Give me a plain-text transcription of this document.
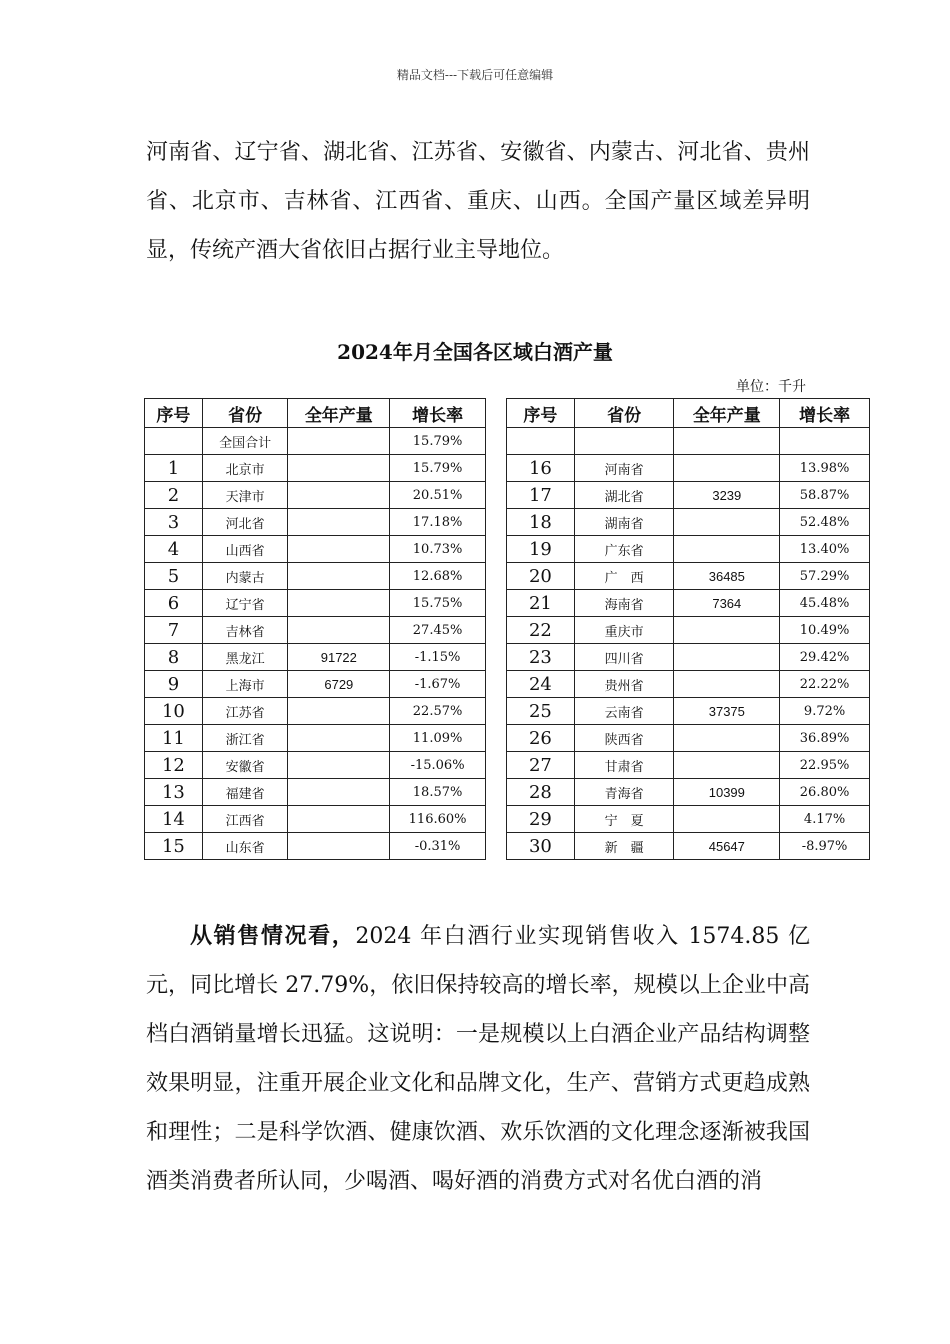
精品文档---下载后可任意编辑
河南省、辽宁省、湖北省、江苏省、安徽省、内蒙古、河北省、贵州省、北京市、吉林省、江西省、重庆、山西。全国产量区域差异明显，传统产酒大省依旧占据行业主导地位。
2024年月全国各区域白酒产量
单位：千升
序号	省份	全年产量	增长率
	全国合计		15.79%
1	北京市		15.79%
2	天津市		20.51%
3	河北省		17.18%
4	山西省		10.73%
5	内蒙古		12.68%
6	辽宁省		15.75%
7	吉林省		27.45%
8	黑龙江	91722	-1.15%
9	上海市	6729	-1.67%
10	江苏省		22.57%
11	浙江省		11.09%
12	安徽省		-15.06%
13	福建省		18.57%
14	江西省		116.60%
15	山东省		-0.31%
序号	省份	全年产量	增长率

16	河南省		13.98%
17	湖北省	3239	58.87%
18	湖南省		52.48%
19	广东省		13.40%
20	广　西	36485	57.29%
21	海南省	7364	45.48%
22	重庆市		10.49%
23	四川省		29.42%
24	贵州省		22.22%
25	云南省	37375	9.72%
26	陕西省		36.89%
27	甘肃省		22.95%
28	青海省	10399	26.80%
29	宁　夏		4.17%
30	新　疆	45647	-8.97%
从销售情况看，2024 年白酒行业实现销售收入 1574.85 亿元，同比增长 27.79%，依旧保持较高的增长率，规模以上企业中高档白酒销量增长迅猛。这说明：一是规模以上白酒企业产品结构调整效果明显，注重开展企业文化和品牌文化，生产、营销方式更趋成熟和理性；二是科学饮酒、健康饮酒、欢乐饮酒的文化理念逐渐被我国酒类消费者所认同，少喝酒、喝好酒的消费方式对名优白酒的消
